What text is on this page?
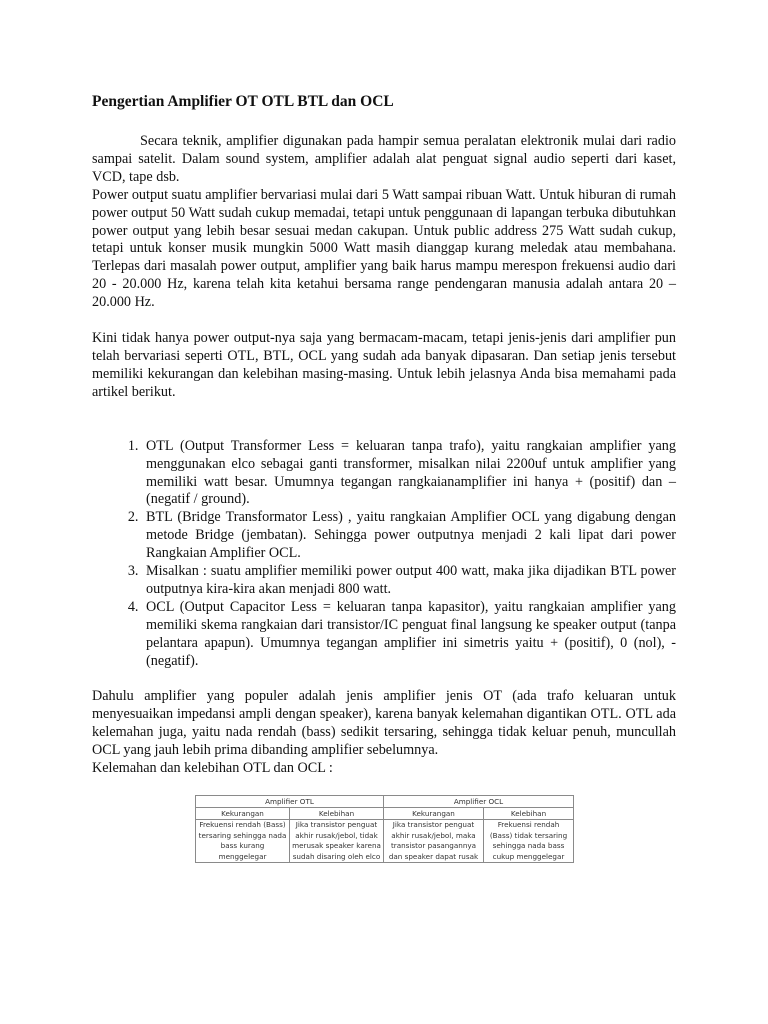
Pengertian Amplifier OT OTL BTL dan OCL

Secara teknik, amplifier digunakan pada hampir semua peralatan elektronik mulai dari radio sampai satelit. Dalam sound system, amplifier adalah alat penguat signal audio seperti dari kaset, VCD, tape dsb.

Power output suatu amplifier bervariasi mulai dari 5 Watt sampai ribuan Watt. Untuk hiburan di rumah power output 50 Watt sudah cukup memadai, tetapi untuk penggunaan di lapangan terbuka dibutuhkan power output yang lebih besar sesuai medan cakupan. Untuk public address 275 Watt sudah cukup, tetapi untuk konser musik mungkin 5000 Watt masih dianggap kurang meledak atau membahana. Terlepas dari masalah power output, amplifier yang baik harus mampu merespon frekuensi audio dari 20 - 20.000 Hz, karena telah kita ketahui bersama range pendengaran manusia adalah antara 20 – 20.000 Hz.

Kini tidak hanya power output-nya saja yang bermacam-macam, tetapi jenis-jenis dari amplifier pun telah bervariasi seperti OTL, BTL, OCL yang sudah ada banyak dipasaran. Dan setiap jenis tersebut memiliki kekurangan dan kelebihan masing-masing. Untuk lebih jelasnya Anda bisa memahami pada artikel berikut.

1. OTL (Output Transformer Less = keluaran tanpa trafo), yaitu rangkaian amplifier yang menggunakan elco sebagai ganti transformer, misalkan nilai 2200uf untuk amplifier yang memiliki watt besar. Umumnya tegangan rangkaianamplifier ini hanya + (positif) dan – (negatif / ground).
2. BTL (Bridge Transformator Less) , yaitu rangkaian Amplifier OCL yang digabung dengan metode Bridge (jembatan). Sehingga power outputnya menjadi 2 kali lipat dari power Rangkaian Amplifier OCL.
3. Misalkan : suatu amplifier memiliki power output 400 watt, maka jika dijadikan BTL power outputnya kira-kira akan menjadi 800 watt.
4. OCL (Output Capacitor Less = keluaran tanpa kapasitor), yaitu rangkaian amplifier yang memiliki skema rangkaian dari transistor/IC penguat final langsung ke speaker output (tanpa pelantara apapun). Umumnya tegangan amplifier ini simetris yaitu + (positif), 0 (nol), - (negatif).

Dahulu amplifier yang populer adalah jenis amplifier jenis OT (ada trafo keluaran untuk menyesuaikan impedansi ampli dengan speaker), karena banyak kelemahan digantikan OTL. OTL ada kelemahan juga, yaitu nada rendah (bass) sedikit tersaring, sehingga tidak keluar penuh, muncullah OCL yang jauh lebih prima dibanding amplifier sebelumnya.

Kelemahan dan kelebihan OTL dan OCL :

Amplifier OTL		Amplifier OCL	
Kekurangan	Kelebihan	Kekurangan	Kelebihan
Frekuensi rendah (Bass) tersaring sehingga nada bass kurang menggelegar	Jika transistor penguat akhir rusak/jebol, tidak merusak speaker karena sudah disaring oleh elco	Jika transistor penguat akhir rusak/jebol, maka transistor pasangannya dan speaker dapat rusak	Frekuensi rendah (Bass) tidak tersaring sehingga nada bass cukup menggelegar
